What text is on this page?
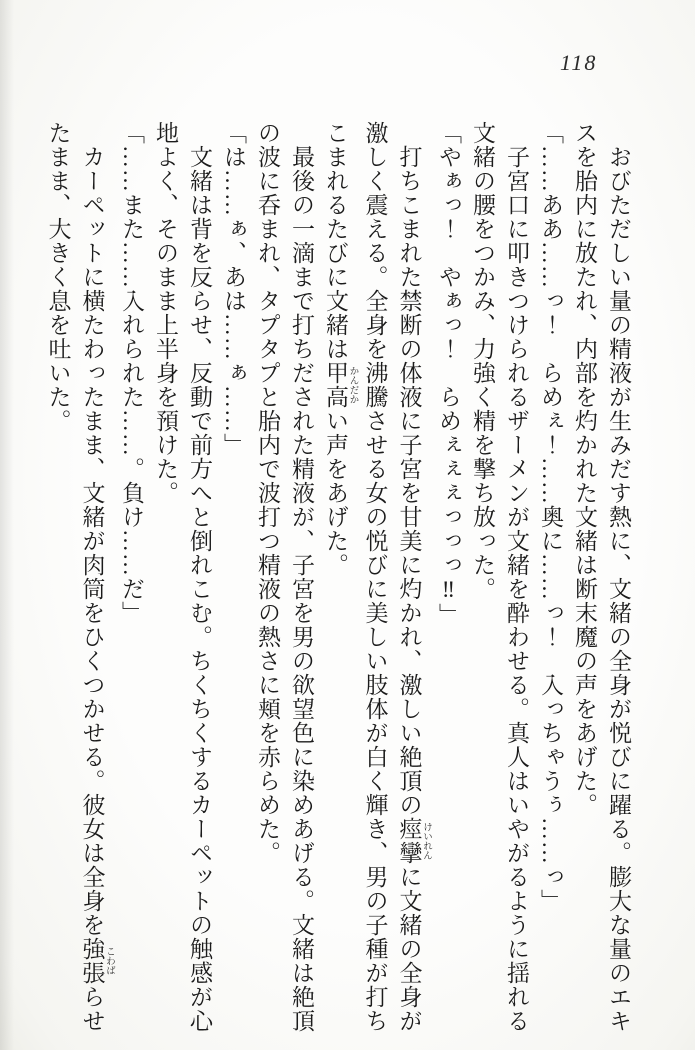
118

　おびただしい量の精液が生みだす熱に、文緒の全身が悦びに躍る。膨大な量のエキ

スを胎内に放たれ、内部を灼かれた文緒は断末魔の声をあげた。

「……ああ……っ！　らめぇ！……奥に……っ！　入っちゃうぅ……っ」

　子宮口に叩きつけられるザーメンが文緒を酔わせる。真人はいやがるように揺れる

文緒の腰をつかみ、力強く精を撃ち放った。

「やぁっ！　やぁっ！　らめぇぇぇっっっ‼」

　打ちこまれた禁断の体液に子宮を甘美に灼かれ、激しい絶頂の痙攣 けいれんに文緒の全身が

激しく震える。全身を沸騰させる女の悦びに美しい肢体が白く輝き、男の子種が打ち

こまれるたびに文緒は甲高 かんだかい声をあげた。

　最後の一滴まで打ちだされた精液が、子宮を男の欲望色に染めあげる。文緒は絶頂

の波に呑まれ、タプタプと胎内で波打つ精液の熱さに頬を赤らめた。

「は……ぁ、あは……ぁ……」

　文緒は背を反らせ、反動で前方へと倒れこむ。ちくちくするカーペットの触感が心

地よく、そのまま上半身を預けた。

「……また……入れられた……。負け……だ」

　カーペットに横たわったまま、文緒が肉筒をひくつかせる。彼女は全身を強張 こわばらせ

たまま、大きく息を吐いた。
